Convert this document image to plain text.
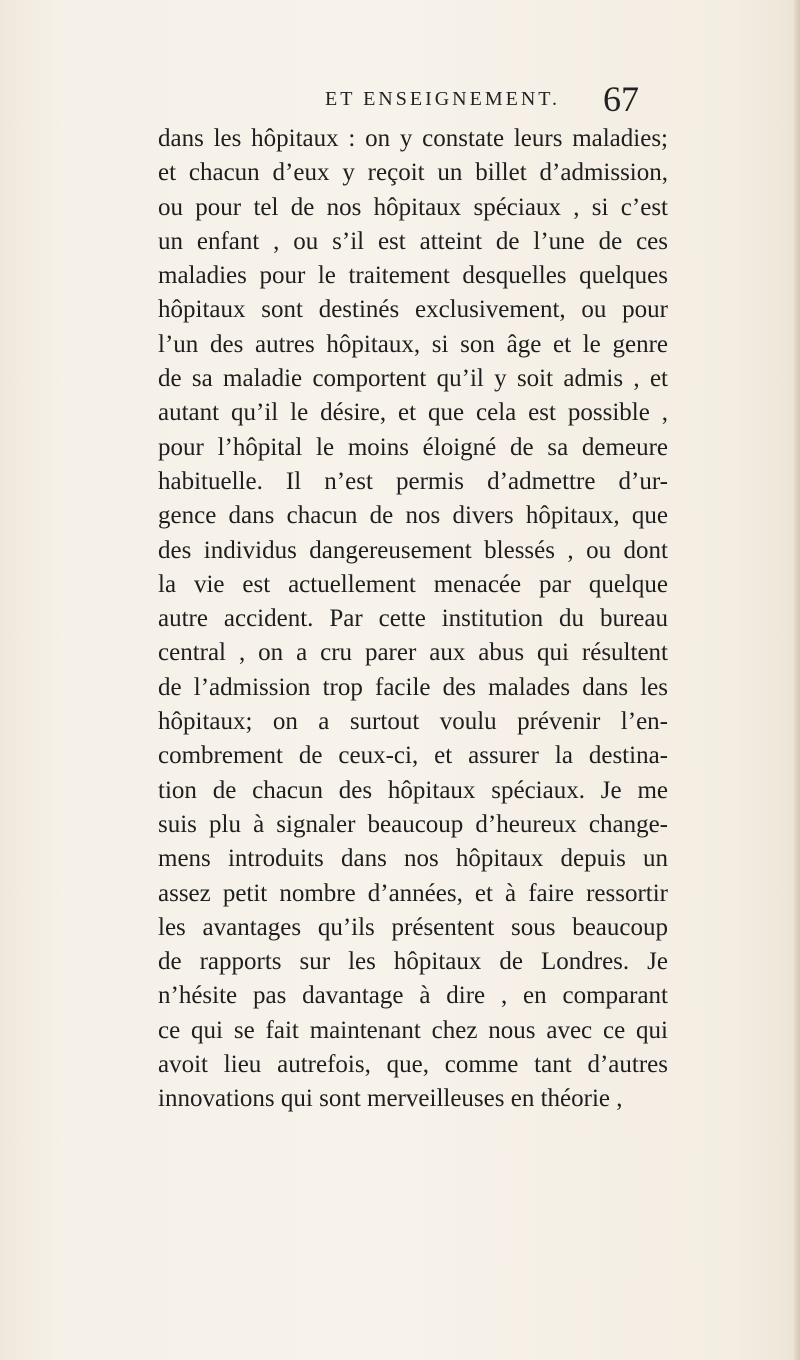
ET ENSEIGNEMENT. 67
dans les hôpitaux : on y constate leurs maladies;
et chacun d’eux y reçoit un billet d’admission,
ou pour tel de nos hôpitaux spéciaux , si c’est
un enfant , ou s’il est atteint de l’une de ces
maladies pour le traitement desquelles quelques
hôpitaux sont destinés exclusivement, ou pour
l’un des autres hôpitaux, si son âge et le genre
de sa maladie comportent qu’il y soit admis , et
autant qu’il le désire, et que cela est possible ,
pour l’hôpital le moins éloigné de sa demeure
habituelle. Il n’est permis d’admettre d’ur-
gence dans chacun de nos divers hôpitaux, que
des individus dangereusement blessés , ou dont
la vie est actuellement menacée par quelque
autre accident. Par cette institution du bureau
central , on a cru parer aux abus qui résultent
de l’admission trop facile des malades dans les
hôpitaux; on a surtout voulu prévenir l’en-
combrement de ceux-ci, et assurer la destina-
tion de chacun des hôpitaux spéciaux. Je me
suis plu à signaler beaucoup d’heureux change-
mens introduits dans nos hôpitaux depuis un
assez petit nombre d’années, et à faire ressortir
les avantages qu’ils présentent sous beaucoup
de rapports sur les hôpitaux de Londres. Je
n’hésite pas davantage à dire , en comparant
ce qui se fait maintenant chez nous avec ce qui
avoit lieu autrefois, que, comme tant d’autres
innovations qui sont merveilleuses en théorie ,
